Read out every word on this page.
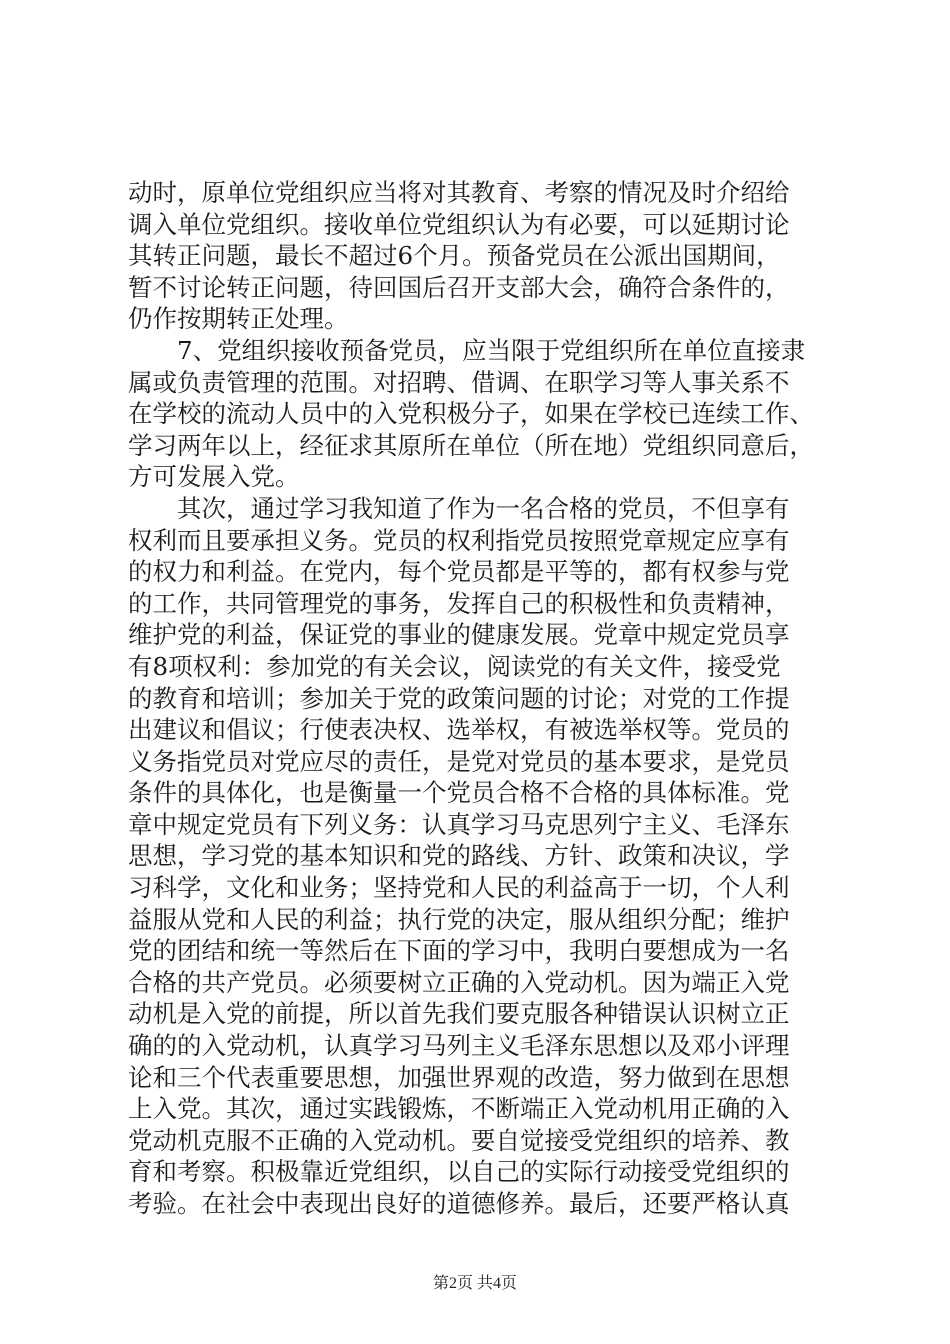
动时，原单位党组织应当将对其教育、考察的情况及时介绍给
调入单位党组织。接收单位党组织认为有必要，可以延期讨论
其转正问题，最长不超过6个月。预备党员在公派出国期间，
暂不讨论转正问题，待回国后召开支部大会，确符合条件的，
仍作按期转正处理。
　　7、党组织接收预备党员，应当限于党组织所在单位直接隶
属或负责管理的范围。对招聘、借调、在职学习等人事关系不
在学校的流动人员中的入党积极分子，如果在学校已连续工作、
学习两年以上，经征求其原所在单位（所在地）党组织同意后，
方可发展入党。
　　其次，通过学习我知道了作为一名合格的党员，不但享有
权利而且要承担义务。党员的权利指党员按照党章规定应享有
的权力和利益。在党内，每个党员都是平等的，都有权参与党
的工作，共同管理党的事务，发挥自己的积极性和负责精神，
维护党的利益，保证党的事业的健康发展。党章中规定党员享
有8项权利：参加党的有关会议，阅读党的有关文件，接受党
的教育和培训；参加关于党的政策问题的讨论；对党的工作提
出建议和倡议；行使表决权、选举权，有被选举权等。党员的
义务指党员对党应尽的责任，是党对党员的基本要求，是党员
条件的具体化，也是衡量一个党员合格不合格的具体标准。党
章中规定党员有下列义务：认真学习马克思列宁主义、毛泽东
思想，学习党的基本知识和党的路线、方针、政策和决议，学
习科学，文化和业务；坚持党和人民的利益高于一切，个人利
益服从党和人民的利益；执行党的决定，服从组织分配；维护
党的团结和统一等然后在下面的学习中，我明白要想成为一名
合格的共产党员。必须要树立正确的入党动机。因为端正入党
动机是入党的前提，所以首先我们要克服各种错误认识树立正
确的的入党动机，认真学习马列主义毛泽东思想以及邓小评理
论和三个代表重要思想，加强世界观的改造，努力做到在思想
上入党。其次，通过实践锻炼，不断端正入党动机用正确的入
党动机克服不正确的入党动机。要自觉接受党组织的培养、教
育和考察。积极靠近党组织，以自己的实际行动接受党组织的
考验。在社会中表现出良好的道德修养。最后，还要严格认真
第2页 共4页
